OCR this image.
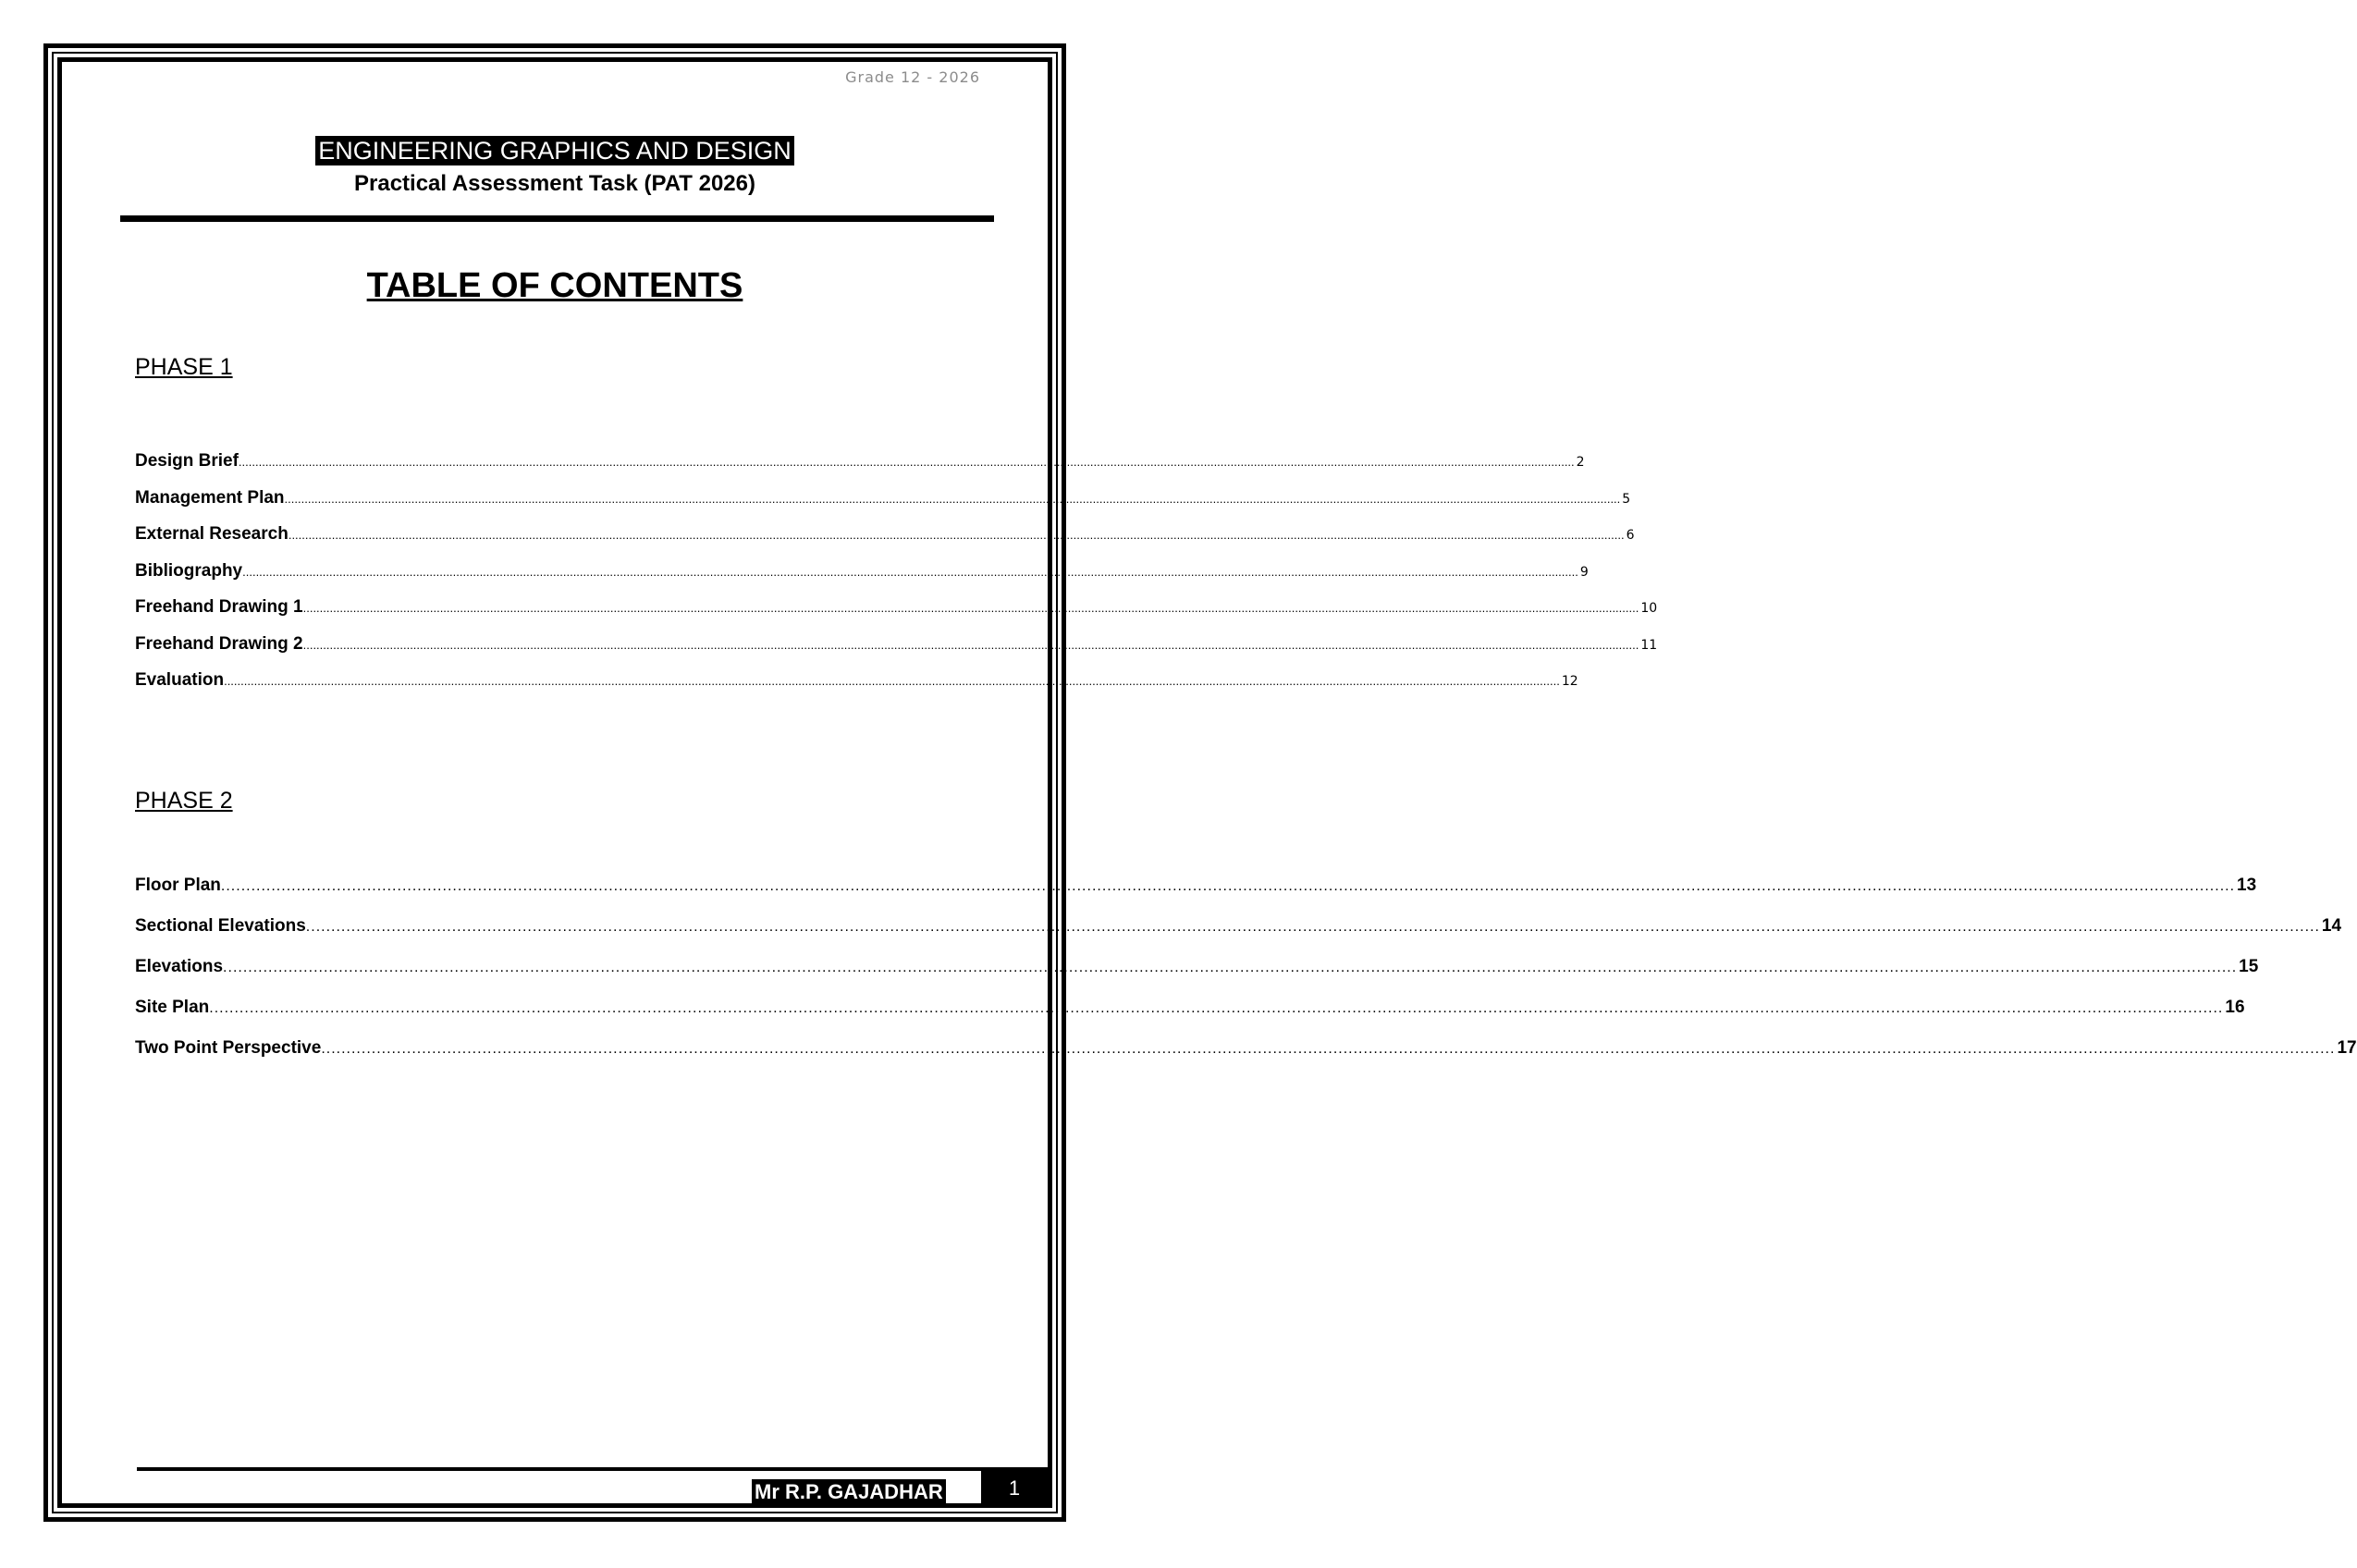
Grade 12 - 2026
ENGINEERING GRAPHICS AND DESIGN
Practical Assessment Task (PAT 2026)
TABLE OF CONTENTS
PHASE 1
Design Brief ................................................................................................................................................................................................................................................................................................................................................................................................................ 2
Management Plan ................................................................................................................................................................................................................................................................................................................................................................................................................ 5
External Research ................................................................................................................................................................................................................................................................................................................................................................................................................ 6
Bibliography ................................................................................................................................................................................................................................................................................................................................................................................................................ 9
Freehand Drawing 1 ................................................................................................................................................................................................................................................................................................................................................................................................................ 10
Freehand Drawing 2 ................................................................................................................................................................................................................................................................................................................................................................................................................ 11
Evaluation ................................................................................................................................................................................................................................................................................................................................................................................................................ 12
PHASE 2
Floor Plan ................................................................................................................................................................................................................................................................................................................................................................................................................ 13
Sectional Elevations ................................................................................................................................................................................................................................................................................................................................................................................................................ 14
Elevations ................................................................................................................................................................................................................................................................................................................................................................................................................ 15
Site Plan ................................................................................................................................................................................................................................................................................................................................................................................................................ 16
Two Point Perspective ................................................................................................................................................................................................................................................................................................................................................................................................................ 17
Mr R.P. GAJADHAR	1
